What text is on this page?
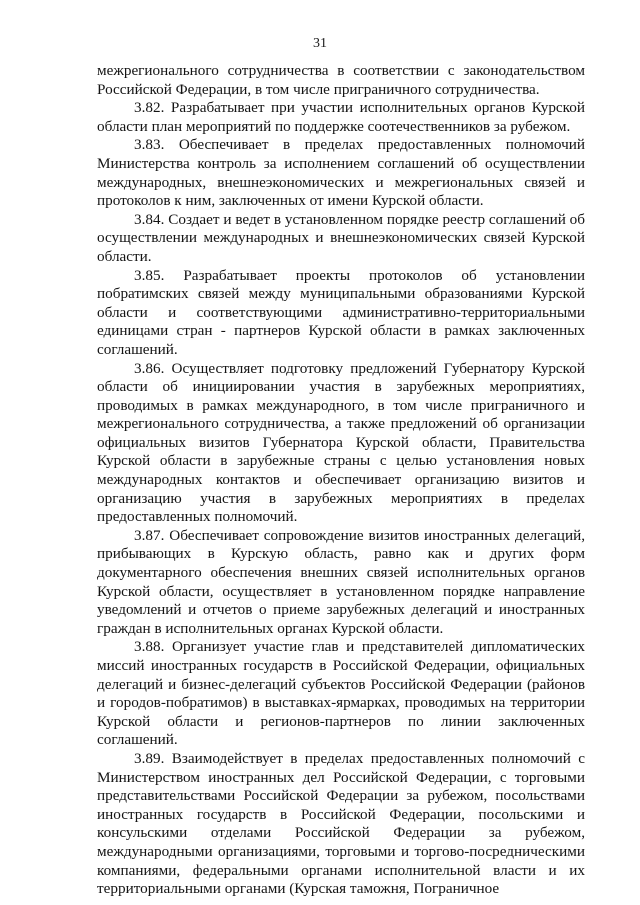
31

межрегионального сотрудничества в соответствии с законодательством Российской Федерации, в том числе приграничного сотрудничества.

3.82. Разрабатывает при участии исполнительных органов Курской области план мероприятий по поддержке соотечественников за рубежом.

3.83. Обеспечивает в пределах предоставленных полномочий Министерства контроль за исполнением соглашений об осуществлении международных, внешнеэкономических и межрегиональных связей и протоколов к ним, заключенных от имени Курской области.

3.84. Создает и ведет в установленном порядке реестр соглашений об осуществлении международных и внешнеэкономических связей Курской области.

3.85. Разрабатывает проекты протоколов об установлении побратимских связей между муниципальными образованиями Курской области и соответствующими административно-территориальными единицами стран - партнеров Курской области в рамках заключенных соглашений.

3.86. Осуществляет подготовку предложений Губернатору Курской области об инициировании участия в зарубежных мероприятиях, проводимых в рамках международного, в том числе приграничного и межрегионального сотрудничества, а также предложений об организации официальных визитов Губернатора Курской области, Правительства Курской области в зарубежные страны с целью установления новых международных контактов и обеспечивает организацию визитов и организацию участия в зарубежных мероприятиях в пределах предоставленных полномочий.

3.87. Обеспечивает сопровождение визитов иностранных делегаций, прибывающих в Курскую область, равно как и других форм документарного обеспечения внешних связей исполнительных органов Курской области, осуществляет в установленном порядке направление уведомлений и отчетов о приеме зарубежных делегаций и иностранных граждан в исполнительных органах Курской области.

3.88. Организует участие глав и представителей дипломатических миссий иностранных государств в Российской Федерации, официальных делегаций и бизнес-делегаций субъектов Российской Федерации (районов и городов-побратимов) в выставках-ярмарках, проводимых на территории Курской области и регионов-партнеров по линии заключенных соглашений.

3.89. Взаимодействует в пределах предоставленных полномочий с Министерством иностранных дел Российской Федерации, с торговыми представительствами Российской Федерации за рубежом, посольствами иностранных государств в Российской Федерации, посольскими и консульскими отделами Российской Федерации за рубежом, международными организациями, торговыми и торгово-посредническими компаниями, федеральными органами исполнительной власти и их территориальными органами (Курская таможня, Пограничное
